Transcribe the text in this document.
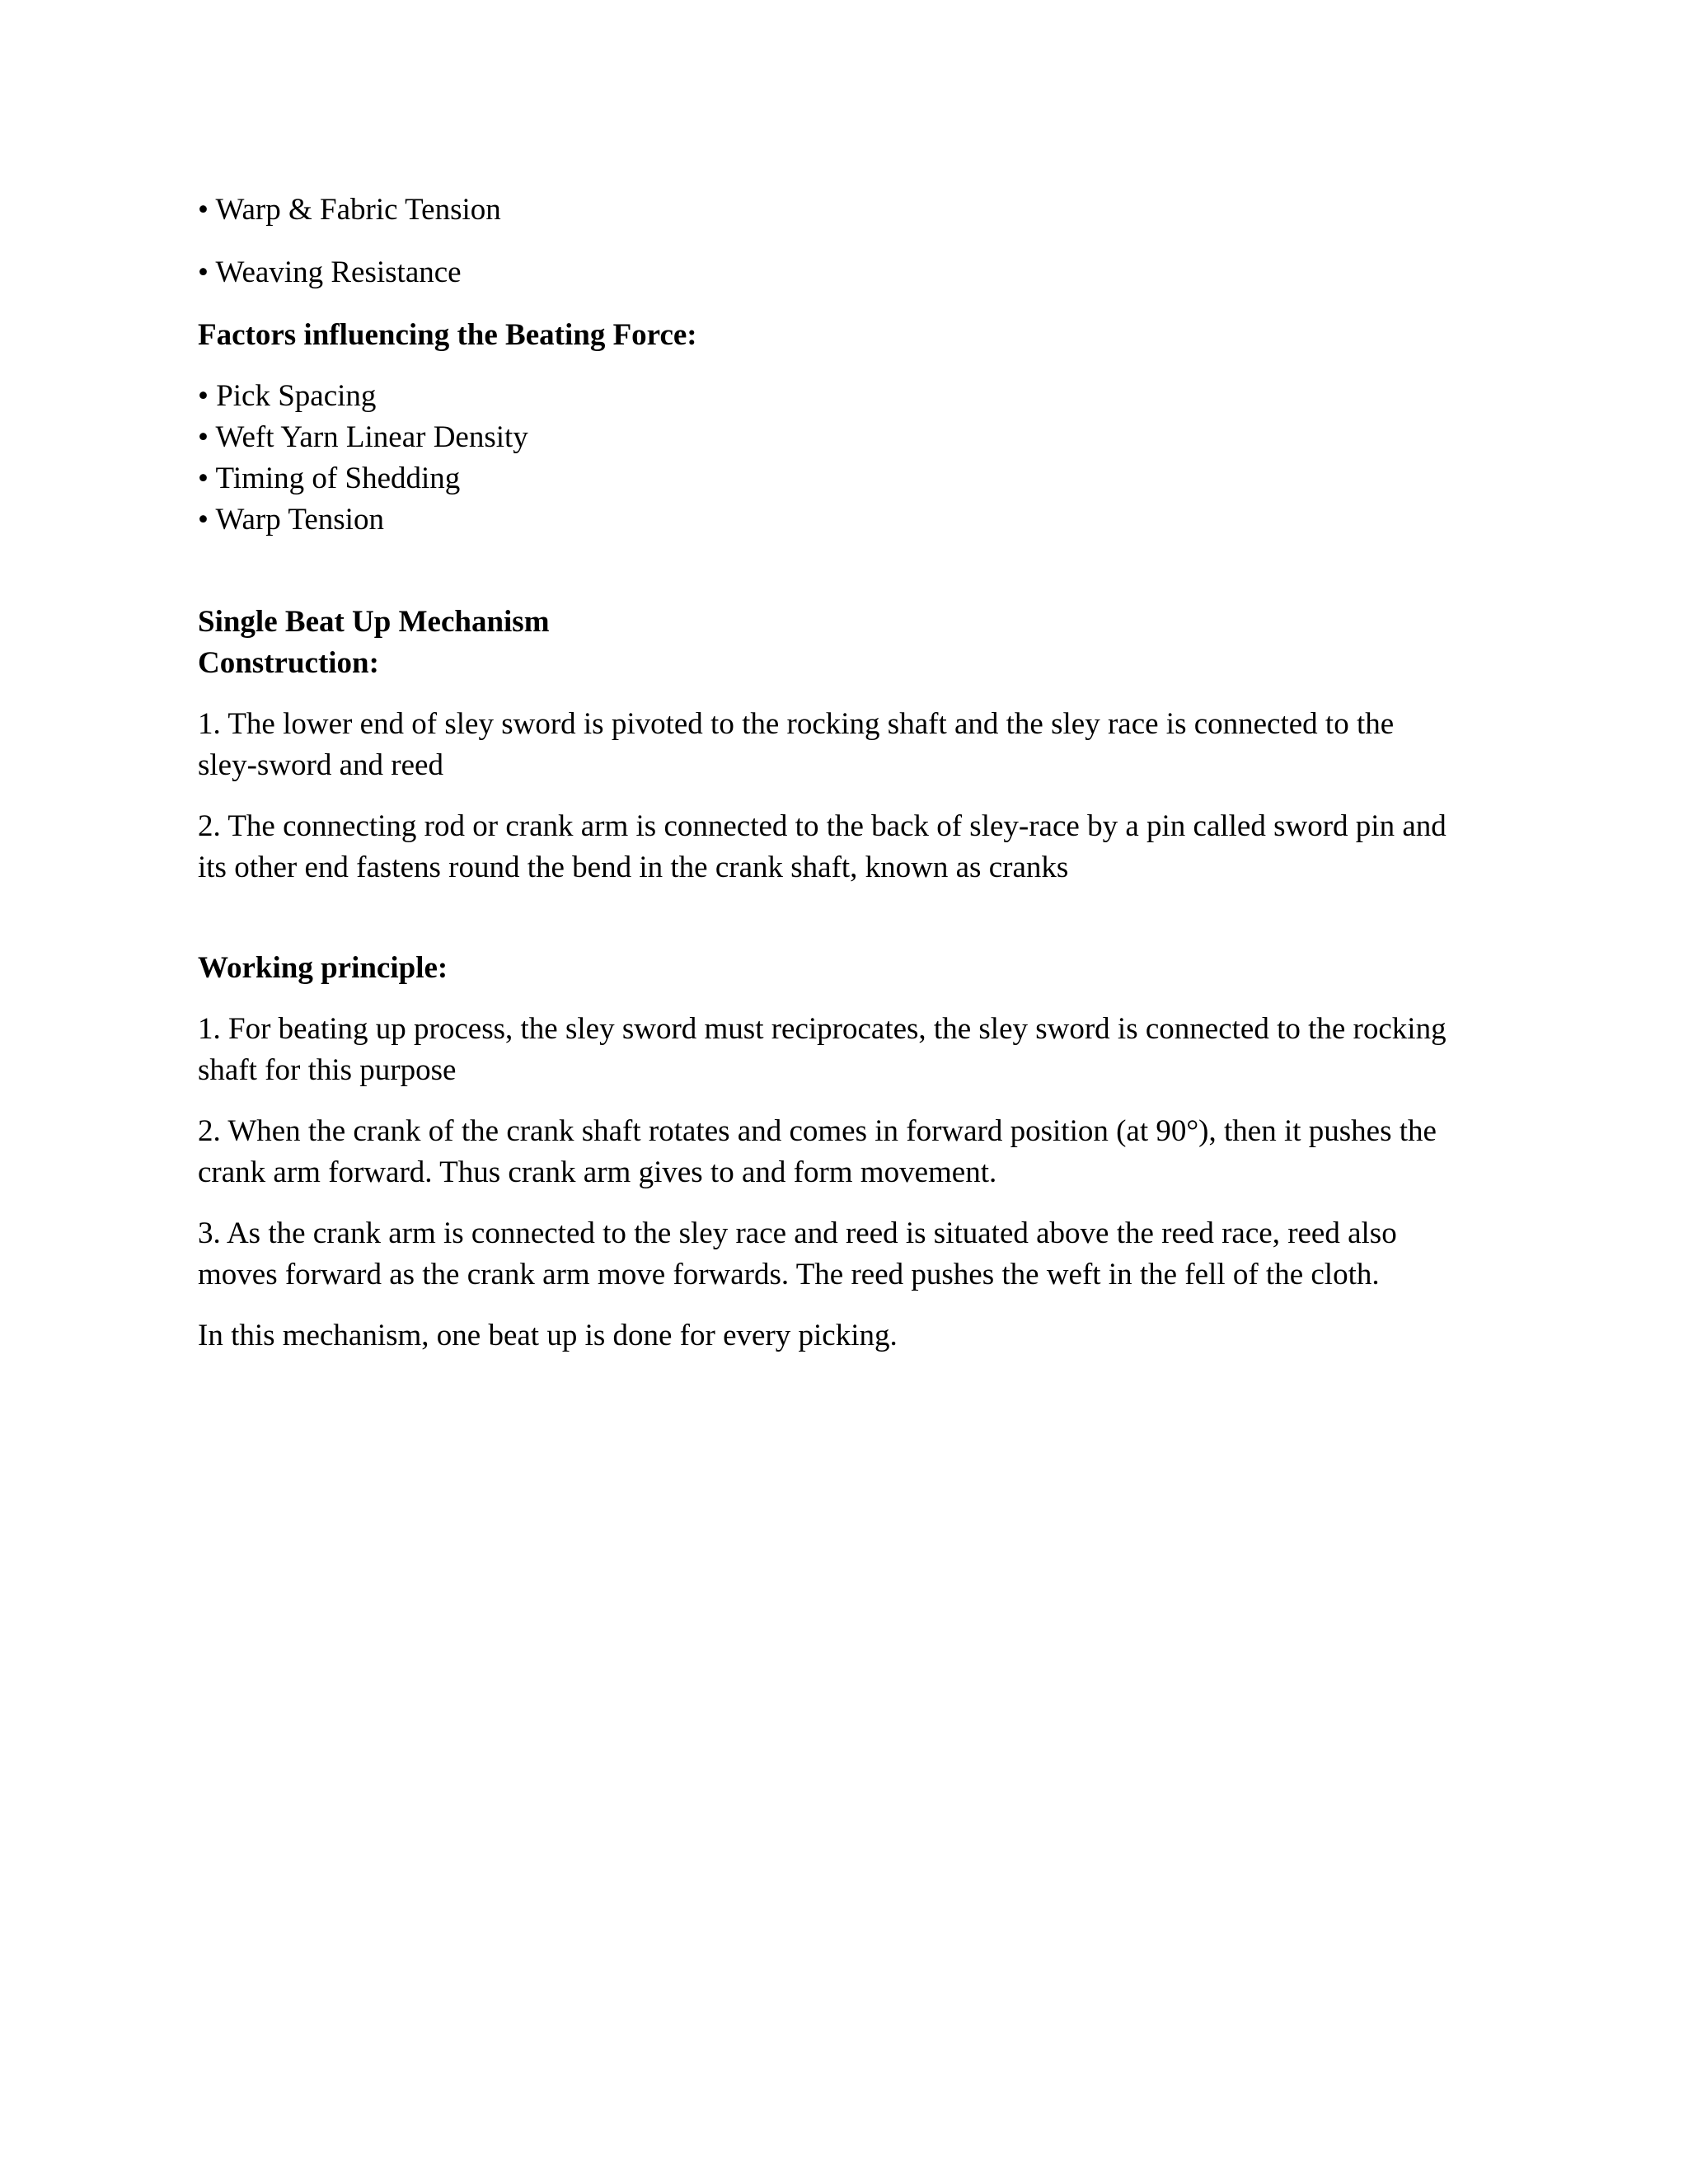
• Warp & Fabric Tension

• Weaving Resistance

Factors influencing the Beating Force:

• Pick Spacing

• Weft Yarn Linear Density

• Timing of Shedding

• Warp Tension

Single Beat Up Mechanism

Construction:

1. The lower end of sley sword is pivoted to the rocking shaft and the sley race is connected to the sley-sword and reed

2. The connecting rod or crank arm is connected to the back of sley-race by a pin called sword pin and its other end fastens round the bend in the crank shaft, known as cranks

Working principle:

1. For beating up process, the sley sword must reciprocates, the sley sword is connected to the rocking shaft for this purpose

2. When the crank of the crank shaft rotates and comes in forward position (at 90°), then it pushes the crank arm forward. Thus crank arm gives to and form movement.

3. As the crank arm is connected to the sley race and reed is situated above the reed race, reed also moves forward as the crank arm move forwards. The reed pushes the weft in the fell of the cloth.

In this mechanism, one beat up is done for every picking.
